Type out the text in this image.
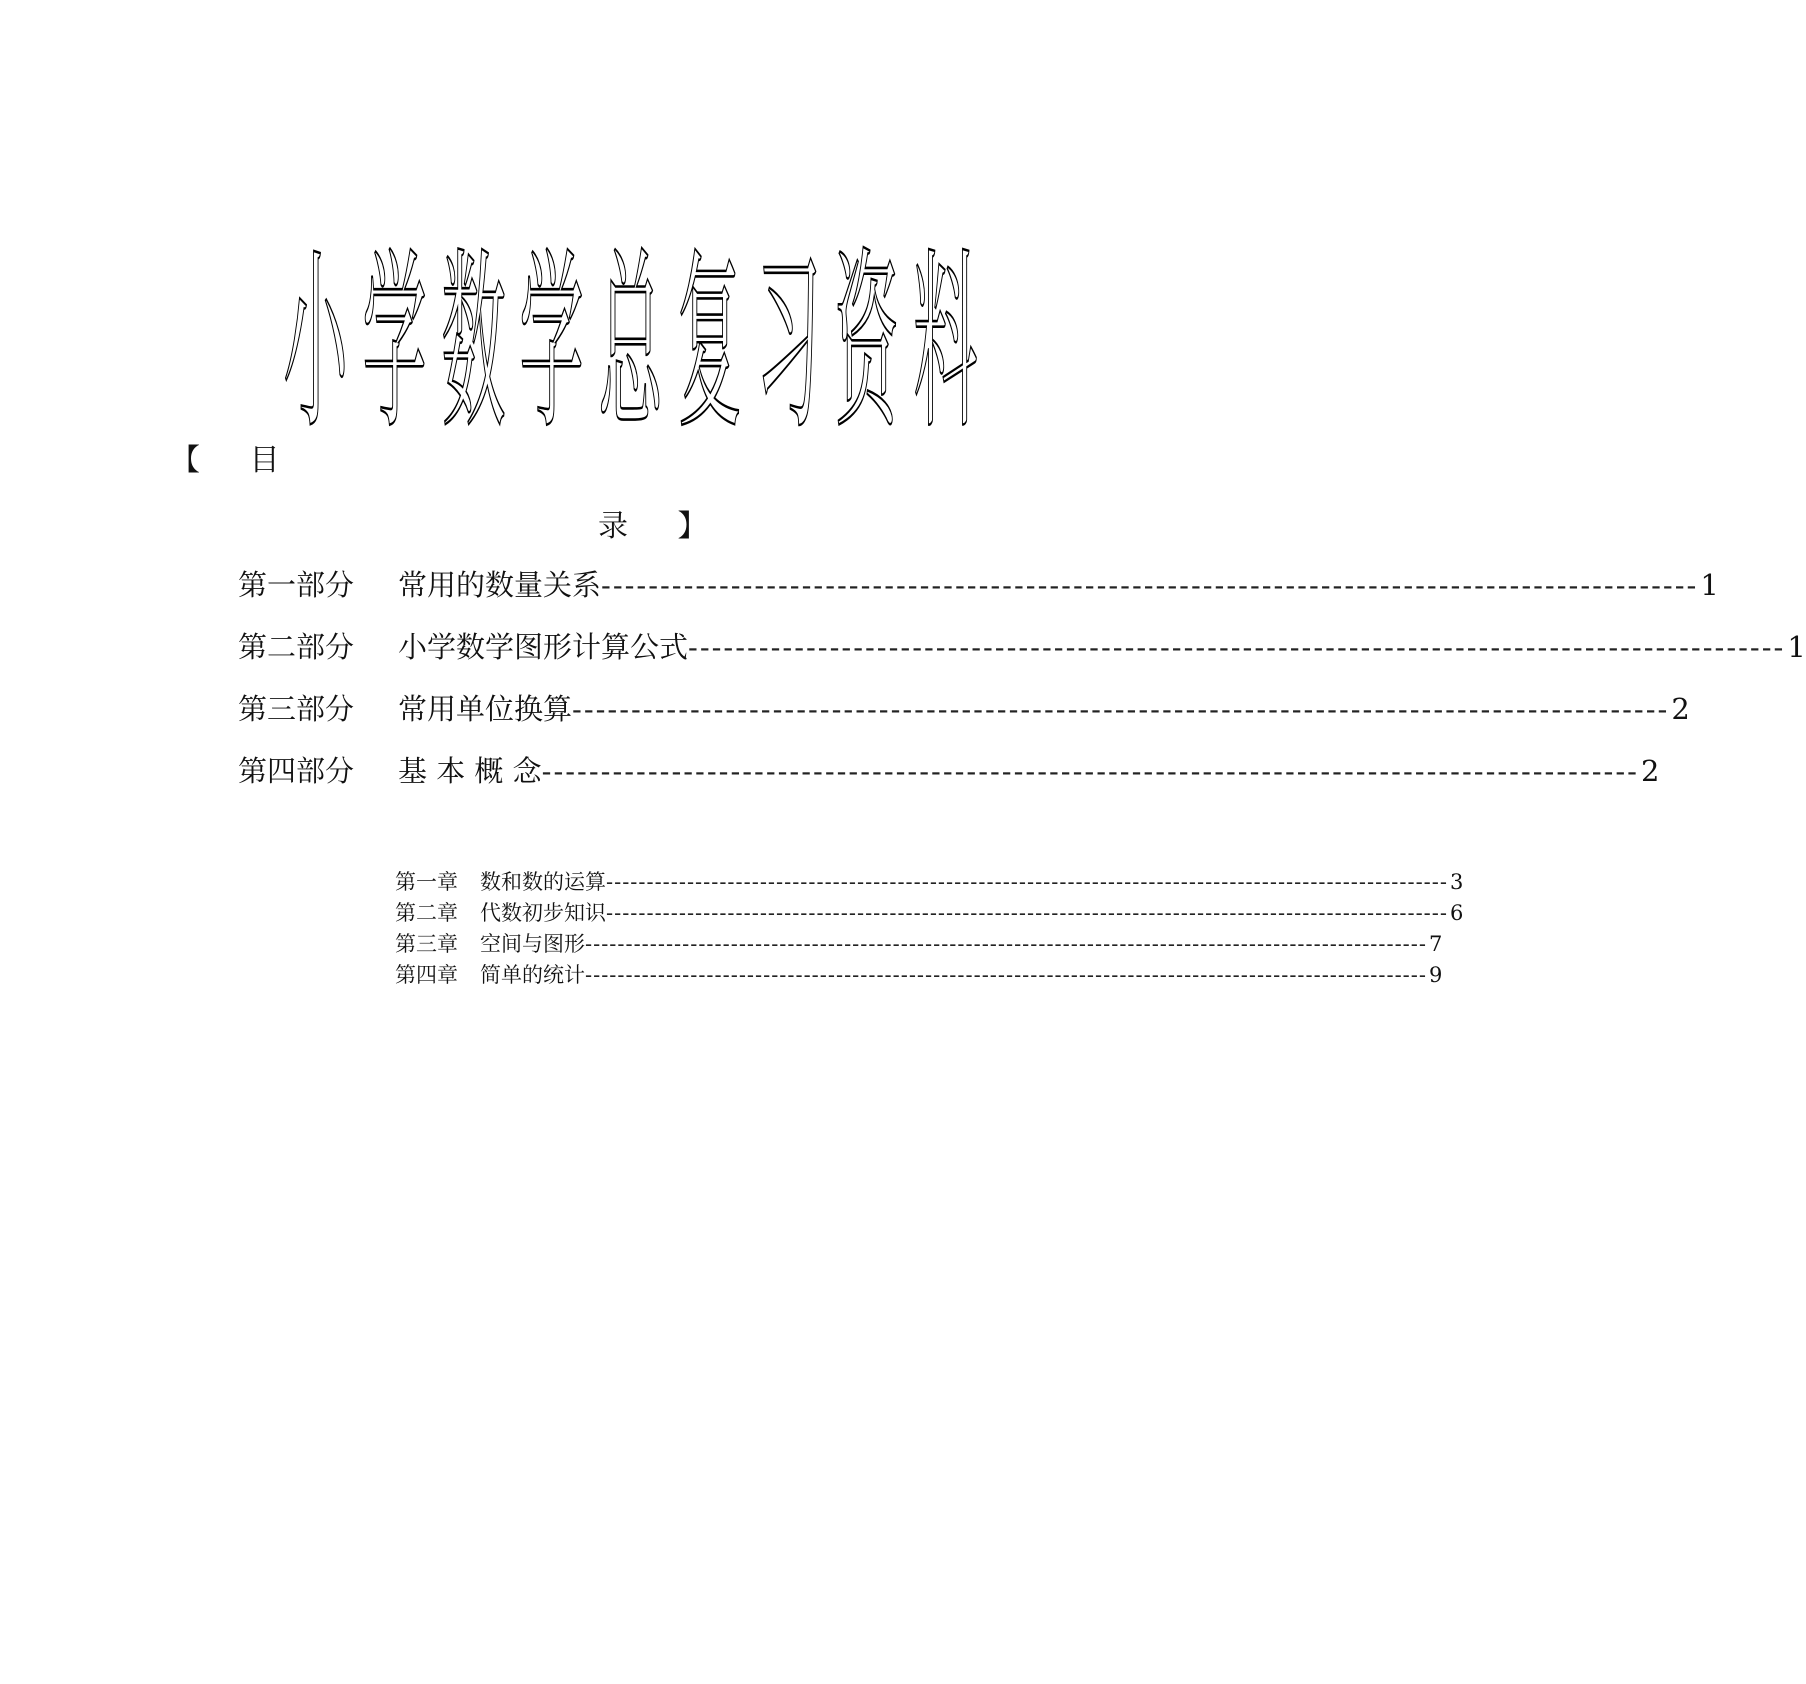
小 学 数 学 总 复 习 资 料
【 目
录 】
第一部分	常用的数量关系 --------------------------------------------------------------------------------------------- 1
第二部分	小学数学图形计算公式 --------------------------------------------------------------------------------------------- 1
第三部分	常用单位换算 --------------------------------------------------------------------------------------------- 2
第四部分	基 本 概 念 --------------------------------------------------------------------------------------------- 2
第一章	数和数的运算 -------------------------------------------------------------------------------------------------------- 3
第二章	代数初步知识 -------------------------------------------------------------------------------------------------------- 6
第三章	空间与图形 -------------------------------------------------------------------------------------------------------- 7
第四章	简单的统计 -------------------------------------------------------------------------------------------------------- 9
